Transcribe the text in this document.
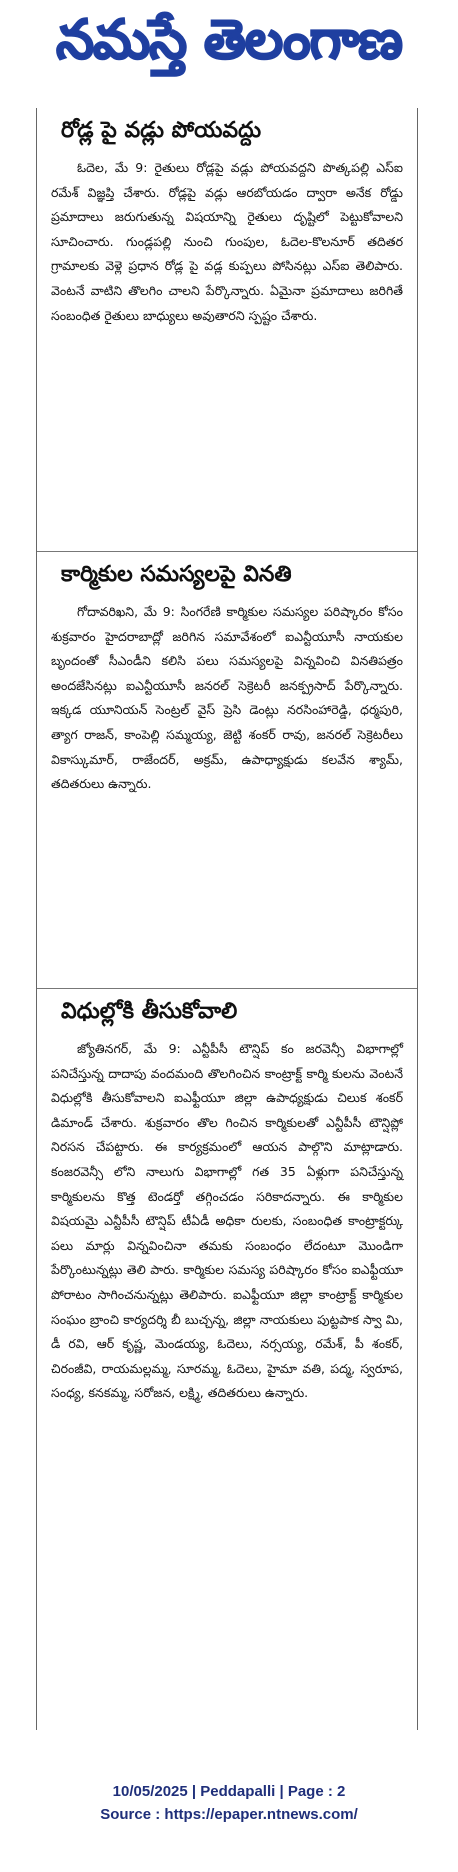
నమస్తే తెలంగాణ
రోడ్ల పై వడ్లు పోయవద్దు

ఓదెల, మే 9: రైతులు రోడ్లపై వడ్లు పోయవద్దని పొత్కపల్లి ఎస్ఐ రమేశ్ విజ్ఞప్తి చేశారు. రోడ్లపై వడ్లు ఆరబోయడం ద్వారా అనేక రోడ్డు ప్రమాదాలు జరుగుతున్న విషయాన్ని రైతులు దృష్టిలో పెట్టుకోవాలని సూచించారు. గుండ్లపల్లి నుంచి గుంపుల, ఓదెల-కొలనూర్ తదితర గ్రామాలకు వెళ్లె ప్రధాన రోడ్ల పై వడ్ల కుప్పలు పోసినట్లు ఎస్ఐ తెలిపారు. వెంటనే వాటిని తొలగిం చాలని పేర్కొన్నారు. ఏమైనా ప్రమాదాలు జరిగితే సంబంధిత రైతులు బాధ్యులు అవుతారని స్పష్టం చేశారు.

కార్మికుల సమస్యలపై వినతి

గోదావరిఖని, మే 9: సింగరేణి కార్మికుల సమస్యల పరిష్కారం కోసం శుక్రవారం హైదరాబాద్లో జరిగిన సమావేశంలో ఐఎన్టీయూసీ నాయకుల బృందంతో సీఎండీని కలిసి పలు సమస్యలపై విన్నవించి వినతిపత్రం అందజేసినట్లు ఐఎన్టీయూసీ జనరల్ సెక్రెటరీ జనక్ప్రసాద్ పేర్కొన్నారు. ఇక్కడ యూనియన్ సెంట్రల్ వైస్ ప్రెసి డెంట్లు నరసింహారెడ్డి, ధర్మపురి, త్యాగ రాజన్, కాంపెల్లి సమ్మయ్య, జెట్టి శంకర్ రావు, జనరల్ సెక్రెటరీలు వికాస్కుమార్, రాజేందర్, అక్రమ్, ఉపాధ్యాక్షుడు కలవేన శ్యామ్, తదితరులు ఉన్నారు.

విధుల్లోకి తీసుకోవాలి

జ్యోతినగర్, మే 9: ఎన్టీపీసీ టౌన్షిప్ కం జరవెన్సీ విభాగాల్లో పనిచేస్తున్న దాదాపు వందమంది తొలగించిన కాంట్రాక్ట్ కార్మి కులను వెంటనే విధుల్లోకి తీసుకోవాలని ఐఎఫ్టీయూ జిల్లా ఉపాధ్యక్షుడు చిలుక శంకర్ డిమాండ్ చేశారు. శుక్రవారం తొల గించిన కార్మికులతో ఎన్టీపీసీ టౌన్షిప్లో నిరసన చేపట్టారు. ఈ కార్యక్రమంలో ఆయన పాల్గొని మాట్లాడారు. కంజరవెన్సీ లోని నాలుగు విభాగాల్లో గత 35 ఏళ్లుగా పనిచేస్తున్న కార్మికులను కొత్త టెండర్తో తగ్గించడం సరికాదన్నారు. ఈ కార్మికుల విషయమై ఎన్టీపీసీ టౌన్షిప్ టీఏడీ అధికా రులకు, సంబంధిత కాంట్రాక్టర్కు పలు మార్లు విన్నవించినా తమకు సంబంధం లేదంటూ మొండిగా పేర్కొంటున్నట్లు తెలి పారు. కార్మికుల సమస్య పరిష్కారం కోసం ఐఎఫ్టీయూ పోరాటం సాగించనున్నట్లు తెలిపారు. ఐఎఫ్టీయూ జిల్లా కాంట్రాక్ట్ కార్మికుల సంఘం బ్రాంచి కార్యదర్శి బీ బుచ్చన్న, జిల్లా నాయకులు పుట్టపాక స్వా మి, డీ రవి, ఆర్ కృష్ణ, మెండయ్య, ఓదెలు, నర్సయ్య, రమేశ్, పీ శంకర్, చిరంజీవి, రాయమల్లమ్మ, సూరమ్మ, ఓదెలు, హైమా వతి, పద్మ, స్వరూప, సంధ్య, కనకమ్మ, సరోజన, లక్ష్మి, తదితరులు ఉన్నారు.

10/05/2025 | Peddapalli | Page : 2
Source : https://epaper.ntnews.com/
